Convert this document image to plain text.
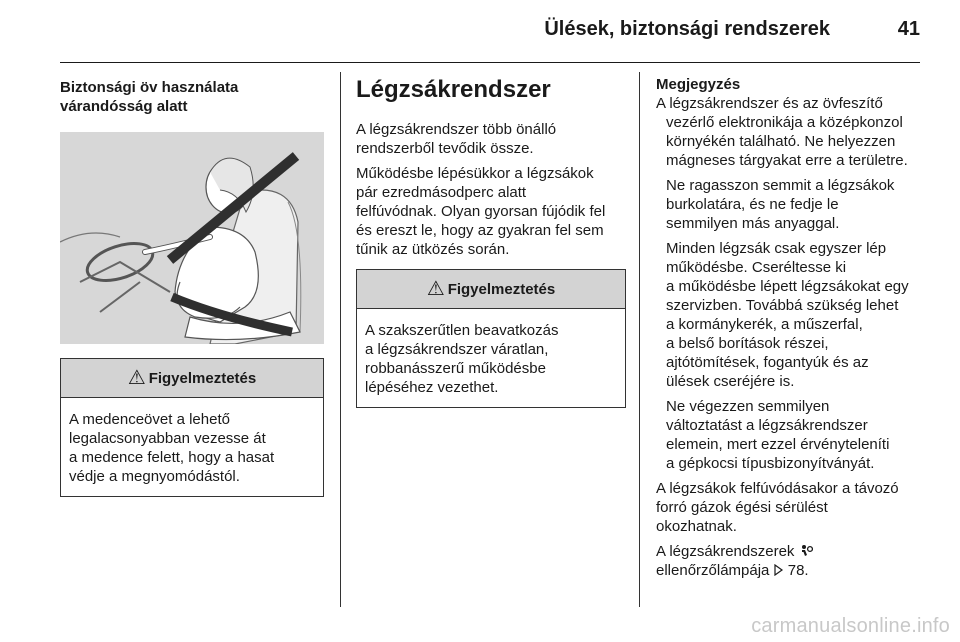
Ülések, biztonsági rendszerek	41

Biztonsági öv használata
várandósság alatt

⚠ Figyelmeztetés
A medenceövet a lehető
legalacsonyabban vezesse át
a medence felett, hogy a hasat
védje a megnyomódástól.
Légzsákrendszer

A légzsákrendszer több önálló
rendszerből tevődik össze.

Működésbe lépésükkor a légzsákok
pár ezredmásodperc alatt
felfúvódnak. Olyan gyorsan fújódik fel
és ereszt le, hogy az gyakran fel sem
tűnik az ütközés során.

⚠ Figyelmeztetés
A szakszerűtlen beavatkozás
a légzsákrendszer váratlan,
robbanásszerű működésbe
lépéséhez vezethet.

Megjegyzés

A légzsákrendszer és az övfeszítő
vezérlő elektronikája a középkonzol
környékén található. Ne helyezzen
mágneses tárgyakat erre a területre.

Ne ragasszon semmit a légzsákok
burkolatára, és ne fedje le
semmilyen más anyaggal.

Minden légzsák csak egyszer lép
működésbe. Cseréltesse ki
a működésbe lépett légzsákokat egy
szervizben. Továbbá szükség lehet
a kormánykerék, a műszerfal,
a belső borítások részei,
ajtótömítések, fogantyúk és az
ülések cseréjére is.

Ne végezzen semmilyen
változtatást a légzsákrendszer
elemein, mert ezzel érvényteleníti
a gépkocsi típusbizonyítványát.

A légzsákok felfúvódásakor a távozó
forró gázok égési sérülést
okozhatnak.

A légzsákrendszerek
ellenőrzőlámpája 78.

carmanualsonline.info
